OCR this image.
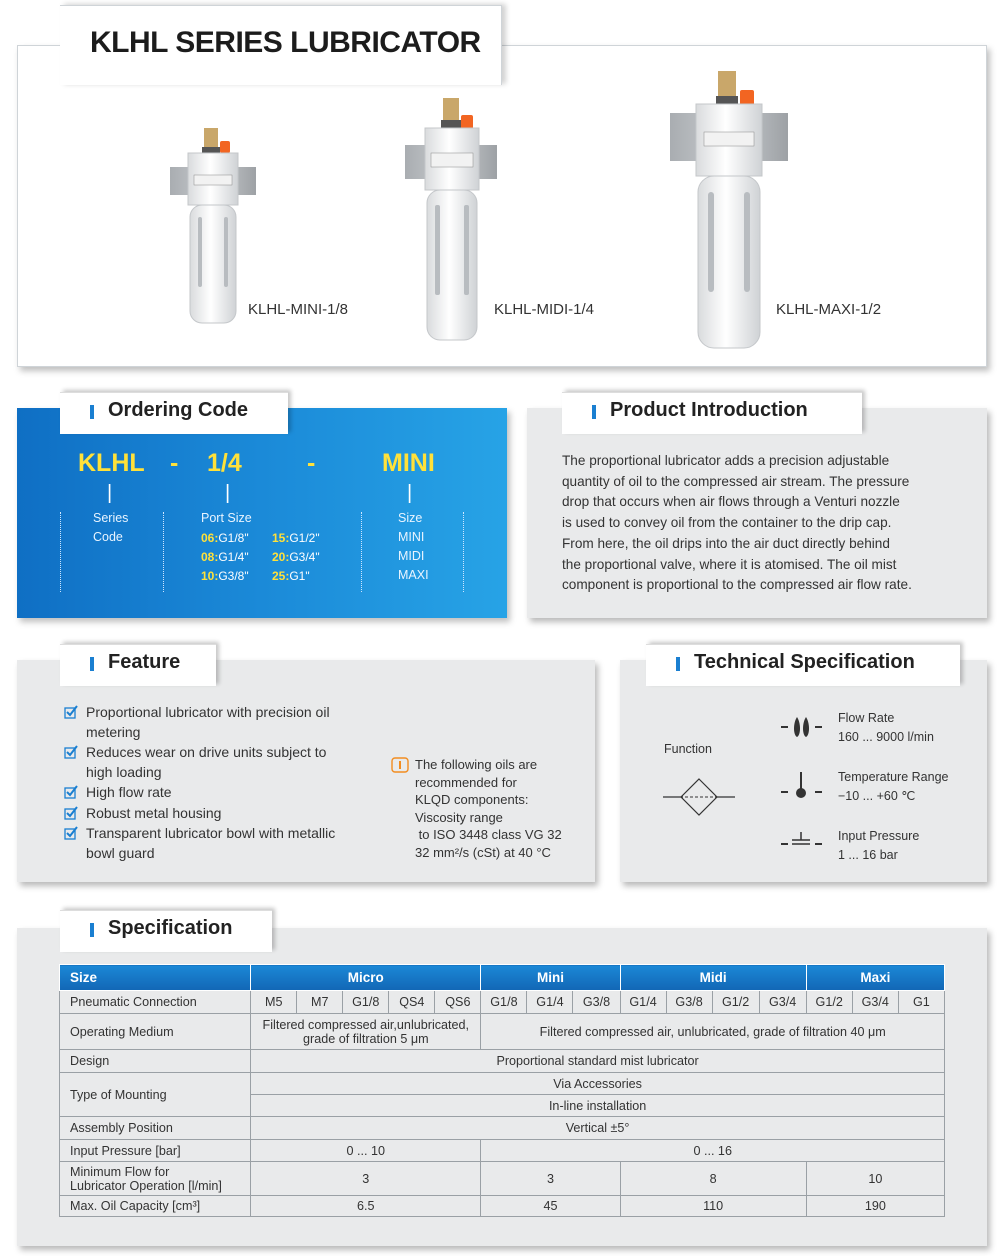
KLHL SERIES LUBRICATOR
KLHL-MINI-1/8	KLHL-MIDI-1/4	KLHL-MAXI-1/2
Ordering Code
KLHL - 1/4	-	MINI
|	|	|
Series
Code
Port Size
06:G1/8" 15:G1/2"
08:G1/4" 20:G3/4"
10:G3/8" 25:G1"
Size
MINI
MIDI
MAXI
Product Introduction
The proportional lubricator adds a precision adjustable
quantity of oil to the compressed air stream. The pressure
drop that occurs when air flows through a Venturi nozzle
is used to convey oil from the container to the drip cap.
From here, the oil drips into the air duct directly behind
the proportional valve, where it is atomised. The oil mist
component is proportional to the compressed air flow rate.
Feature
Proportional lubricator with precision oil
metering
Reduces wear on drive units subject to
high loading
High flow rate
Robust metal housing
Transparent lubricator bowl with metallic
bowl guard
The following oils are
recommended for
KLQD components:
Viscosity range
to ISO 3448 class VG 32
32 mm²/s (cSt) at 40 °C
Technical Specification
Function
Flow Rate
160 ... 9000 l/min
Temperature Range
−10 ... +60 ℃
Input Pressure
1 ... 16 bar
Specification
Size	Micro					Mini			Midi				Maxi		
Pneumatic Connection	M5	M7	G1/8	QS4	QS6	G1/8	G1/4	G3/8	G1/4	G3/8	G1/2	G3/4	G1/2	G3/4	G1
Operating Medium	Filtered compressed air,unlubricated,
grade of filtration 5 μm					Filtered compressed air, unlubricated, grade of filtration 40 μm									
Design	Proportional standard mist lubricator														
Type of Mounting	Via Accessories														
	In-line installation														
Assembly Position	Vertical ±5°														
Input Pressure [bar]	0 ... 10					0 ... 16									

Minimum Flow for
Lubricator Operation [l/min]	3					3			8				10		
Max. Oil Capacity [cm³]	6.5					45			110				190		
